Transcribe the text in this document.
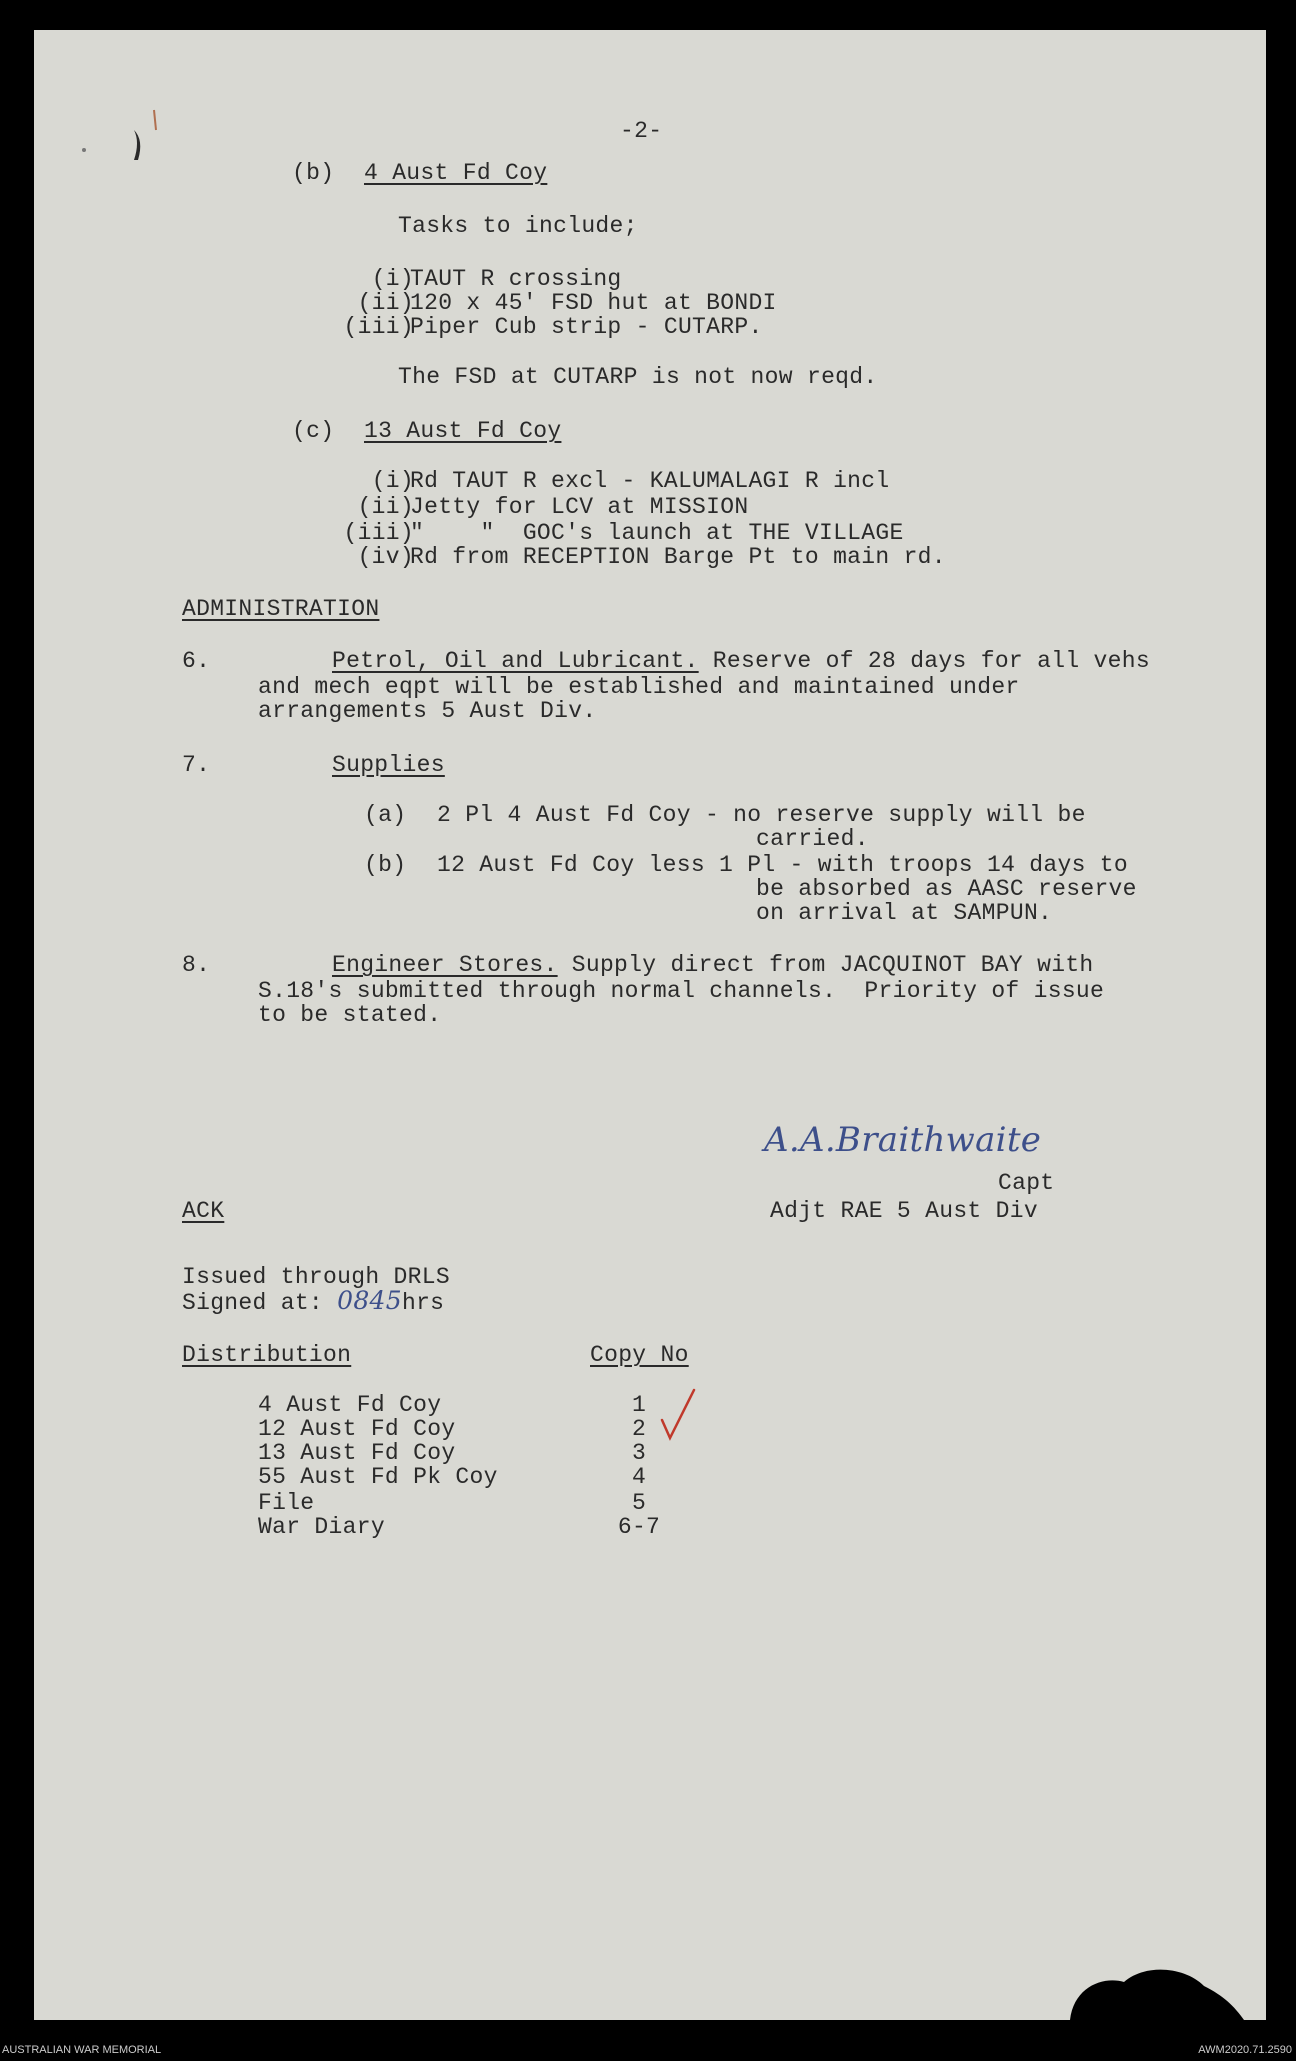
-2-
(b) 4 Aust Fd Coy
Tasks to include;
(i)
TAUT R crossing
(ii)
120 x 45' FSD hut at BONDI
(iii)
Piper Cub strip - CUTARP.
The FSD at CUTARP is not now reqd.
(c) 13 Aust Fd Coy
(i)
Rd TAUT R excl - KALUMALAGI R incl
(ii)
Jetty for LCV at MISSION
(iii)
"    "  GOC's launch at THE VILLAGE
(iv)
Rd from RECEPTION Barge Pt to main rd.
ADMINISTRATION
6.	Petrol, Oil and Lubricant. Reserve of 28 days for all vehs
and mech eqpt will be established and maintained under
arrangements 5 Aust Div.
7.	Supplies
(a) 2 Pl 4 Aust Fd Coy - no reserve supply will be
carried.
(b) 12 Aust Fd Coy less 1 Pl - with troops 14 days to
be absorbed as AASC reserve
on arrival at SAMPUN.
8.	Engineer Stores. Supply direct from JACQUINOT BAY with
S.18's submitted through normal channels.  Priority of issue
to be stated.
A.A.Braithwaite
Capt
Adjt RAE 5 Aust Div
ACK
Issued through DRLS
Signed at: 0845hrs
Distribution	Copy No
4 Aust Fd Coy	1
12 Aust Fd Coy	2
13 Aust Fd Coy	3
55 Aust Fd Pk Coy	4
File	5
War Diary	6-7
AUSTRALIAN WAR MEMORIAL	AWM2020.71.2590
